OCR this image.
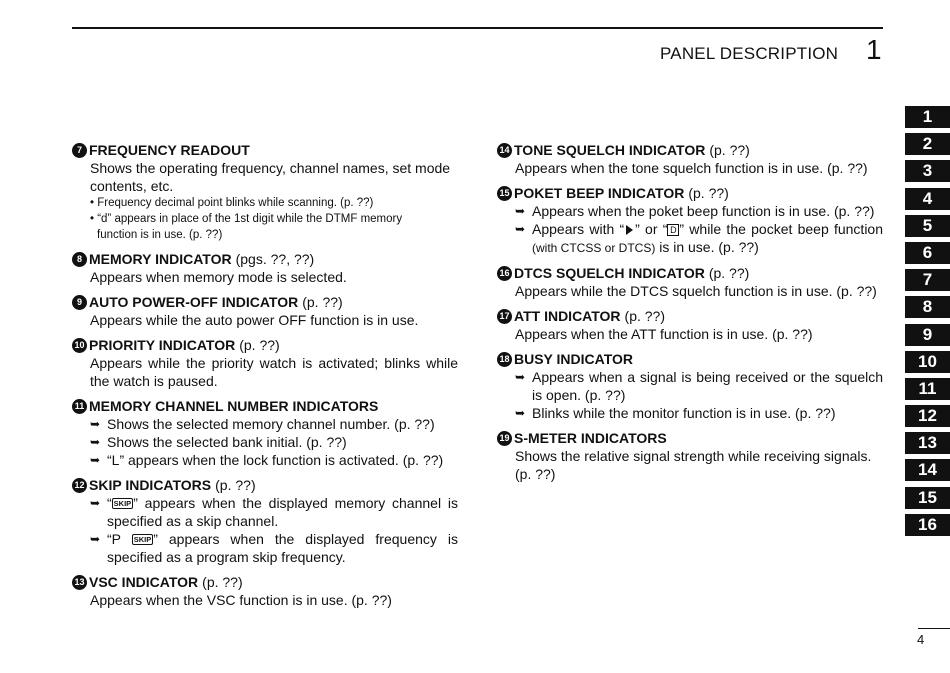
PANEL DESCRIPTION 1
7 FREQUENCY READOUT
Shows the operating frequency, channel names, set mode contents, etc.
• Frequency decimal point blinks while scanning. (p. ??)
• “d” appears in place of the 1st digit while the DTMF memory
function is in use. (p. ??)
8 MEMORY INDICATOR (pgs. ??, ??)
Appears when memory mode is selected.
9 AUTO POWER-OFF INDICATOR (p. ??)
Appears while the auto power OFF function is in use.
10 PRIORITY INDICATOR (p. ??)
Appears while the priority watch is activated; blinks while the watch is paused.
11 MEMORY CHANNEL NUMBER INDICATORS
➥ Shows the selected memory channel number. (p. ??)
➥ Shows the selected bank initial. (p. ??)
➥ “L” appears when the lock function is activated. (p. ??)
12 SKIP INDICATORS (p. ??)
➥ “ SKIP ” appears when the displayed memory channel is specified as a skip channel.
➥ “P SKIP ” appears when the displayed frequency is specified as a program skip frequency.
13 VSC INDICATOR (p. ??)
Appears when the VSC function is in use. (p. ??)
14 TONE SQUELCH INDICATOR (p. ??)
Appears when the tone squelch function is in use. (p. ??)
15 POKET BEEP INDICATOR (p. ??)
➥ Appears when the poket beep function is in use. (p. ??)
➥ Appears with “ ” or “ D ” while the pocket beep function (with CTCSS or DTCS) is in use. (p. ??)
16 DTCS SQUELCH INDICATOR (p. ??)
Appears while the DTCS squelch function is in use. (p. ??)
17 ATT INDICATOR (p. ??)
Appears when the ATT function is in use. (p. ??)
18 BUSY INDICATOR
➥ Appears when a signal is being received or the squelch is open. (p. ??)
➥ Blinks while the monitor function is in use. (p. ??)
19 S-METER INDICATORS
Shows the relative signal strength while receiving signals. (p. ??)
1
2
3
4
5
6
7
8
9
10
11
12
13
14
15
16
4
